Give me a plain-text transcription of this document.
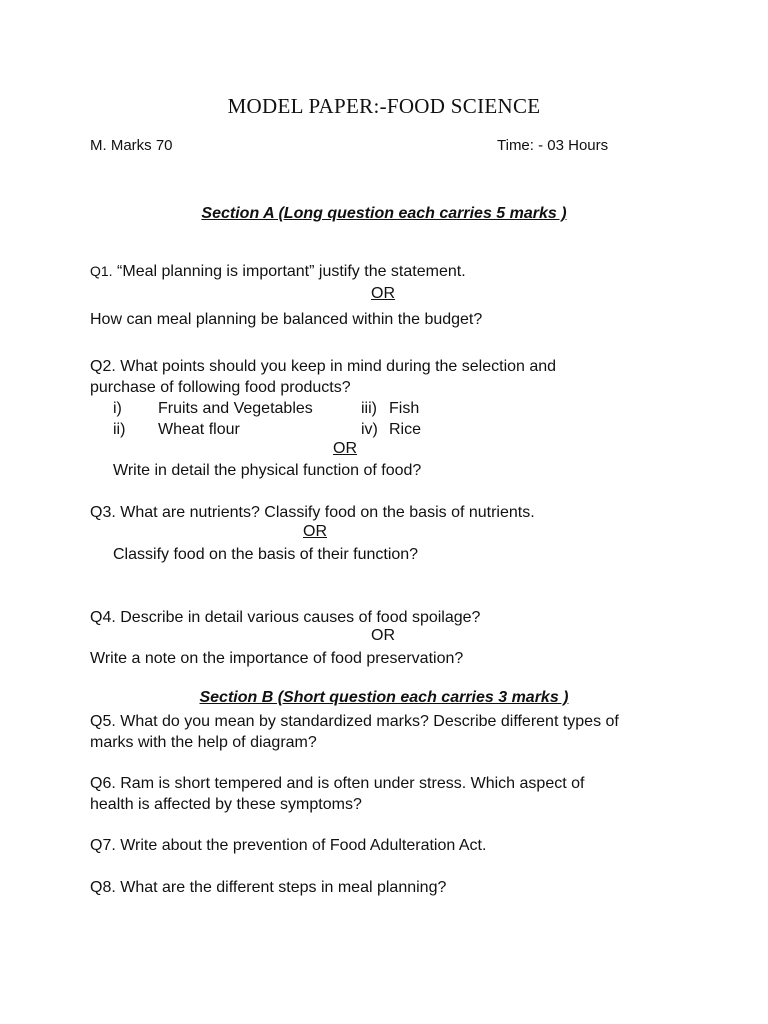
MODEL PAPER:-FOOD SCIENCE
M. Marks 70	Time: - 03 Hours
Section A (Long question each carries 5 marks )
Q1. “Meal planning is important” justify the statement.
OR
How can meal planning be balanced within the budget?
Q2. What points should you keep in mind during the selection and
purchase of following food products?
i) Fruits and Vegetables	iii) Fish
ii) Wheat flour	iv) Rice
OR
Write in detail the physical function of food?
Q3. What are nutrients? Classify food on the basis of nutrients.
OR
Classify food on the basis of their function?
Q4. Describe in detail various causes of food spoilage?
OR
Write a note on the importance of food preservation?
Section B (Short question each carries 3 marks )
Q5. What do you mean by standardized marks? Describe different types of
marks with the help of diagram?
Q6. Ram is short tempered and is often under stress. Which aspect of
health is affected by these symptoms?
Q7. Write about the prevention of Food Adulteration Act.
Q8. What are the different steps in meal planning?
